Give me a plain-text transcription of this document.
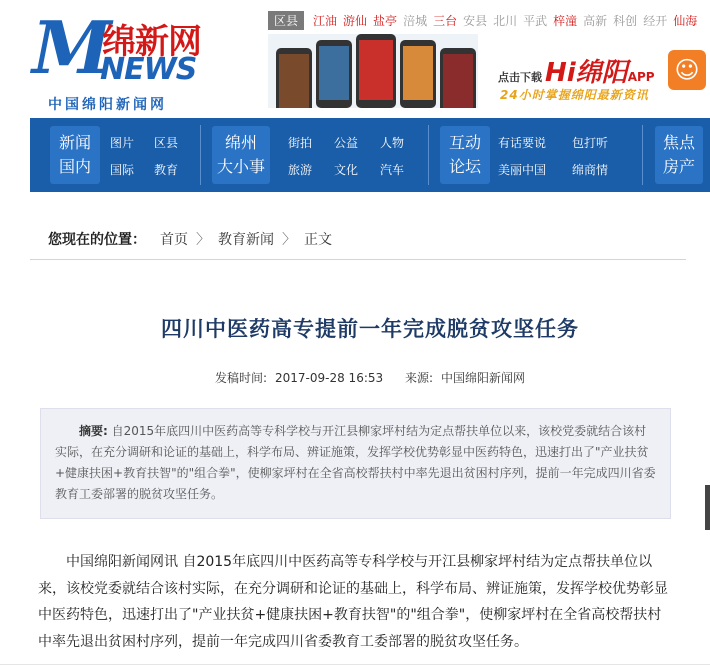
M
绵新网
NEWS
中国绵阳新闻网
区县	江油 游仙 盐亭 涪城 三台 安县 北川 平武 梓潼 高新 科创 经开 仙海
点击下载 Hi绵阳APP
24小时掌握绵阳最新资讯
☺
新闻
国内
图片 区县
国际 教育
绵州
大小事
街拍 公益 人物
旅游 文化 汽车
互动
论坛
有话要说 包打听
美丽中国 绵商情
焦点
房产
您现在的位置： 首页 〉 教育新闻 〉 正文
四川中医药高专提前一年完成脱贫攻坚任务
发稿时间: 2017-09-28 16:53 来源: 中国绵阳新闻网
摘要: 自2015年底四川中医药高等专科学校与开江县柳家坪村结为定点帮扶单位以来，该校党委就结合该村实际，在充分调研和论证的基础上，科学布局、辨证施策，发挥学校优势彰显中医药特色，迅速打出了"产业扶贫+健康扶困+教育扶智"的"组合拳"，使柳家坪村在全省高校帮扶村中率先退出贫困村序列，提前一年完成四川省委教育工委部署的脱贫攻坚任务。

中国绵阳新闻网讯 自2015年底四川中医药高等专科学校与开江县柳家坪村结为定点帮扶单位以来，该校党委就结合该村实际，在充分调研和论证的基础上，科学布局、辨证施策，发挥学校优势彰显中医药特色，迅速打出了"产业扶贫+健康扶困+教育扶智"的"组合拳"，使柳家坪村在全省高校帮扶村中率先退出贫困村序列，提前一年完成四川省委教育工委部署的脱贫攻坚任务。
